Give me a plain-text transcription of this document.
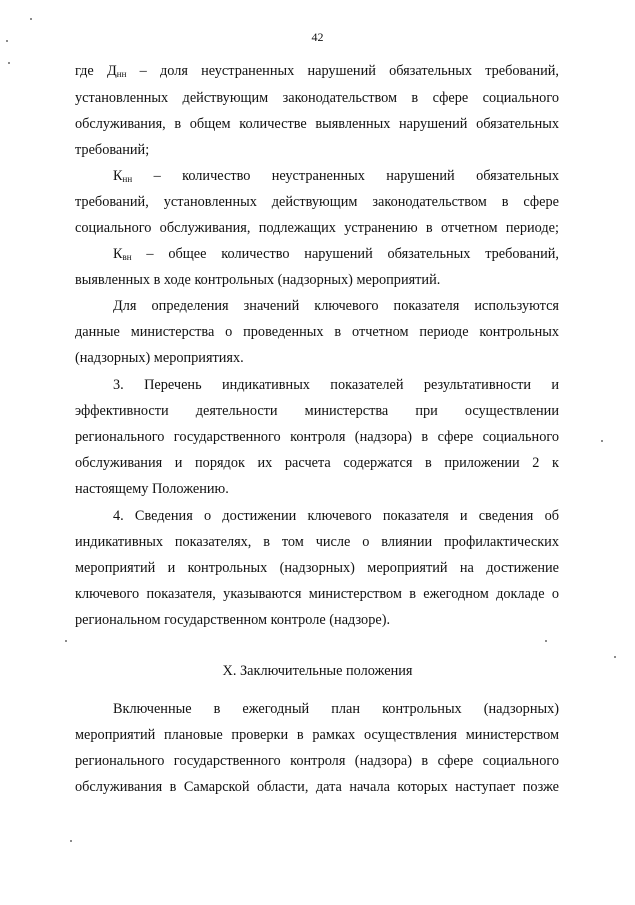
42
где $Д_{нн}$ – доля неустраненных нарушений обязательных требований,
установленных действующим законодательством в сфере социального
обслуживания, в общем количестве выявленных нарушений обязательных
требований;
$К_{нн}$ – количество неустраненных нарушений обязательных
требований, установленных действующим законодательством в сфере
социального обслуживания, подлежащих устранению в отчетном периоде;
$К_{вн}$ – общее количество нарушений обязательных требований,
выявленных в ходе контрольных (надзорных) мероприятий.
Для определения значений ключевого показателя используются
данные министерства о проведенных в отчетном периоде контрольных
(надзорных) мероприятиях.
3. Перечень индикативных показателей результативности и
эффективности деятельности министерства при осуществлении
регионального государственного контроля (надзора) в сфере социального
обслуживания и порядок их расчета содержатся в приложении 2 к
настоящему Положению.
4. Сведения о достижении ключевого показателя и сведения об
индикативных показателях, в том числе о влиянии профилактических
мероприятий и контрольных (надзорных) мероприятий на достижение
ключевого показателя, указываются министерством в ежегодном докладе о
региональном государственном контроле (надзоре).
X. Заключительные положения
Включенные в ежегодный план контрольных (надзорных)
мероприятий плановые проверки в рамках осуществления министерством
регионального государственного контроля (надзора) в сфере социального
обслуживания в Самарской области, дата начала которых наступает позже
